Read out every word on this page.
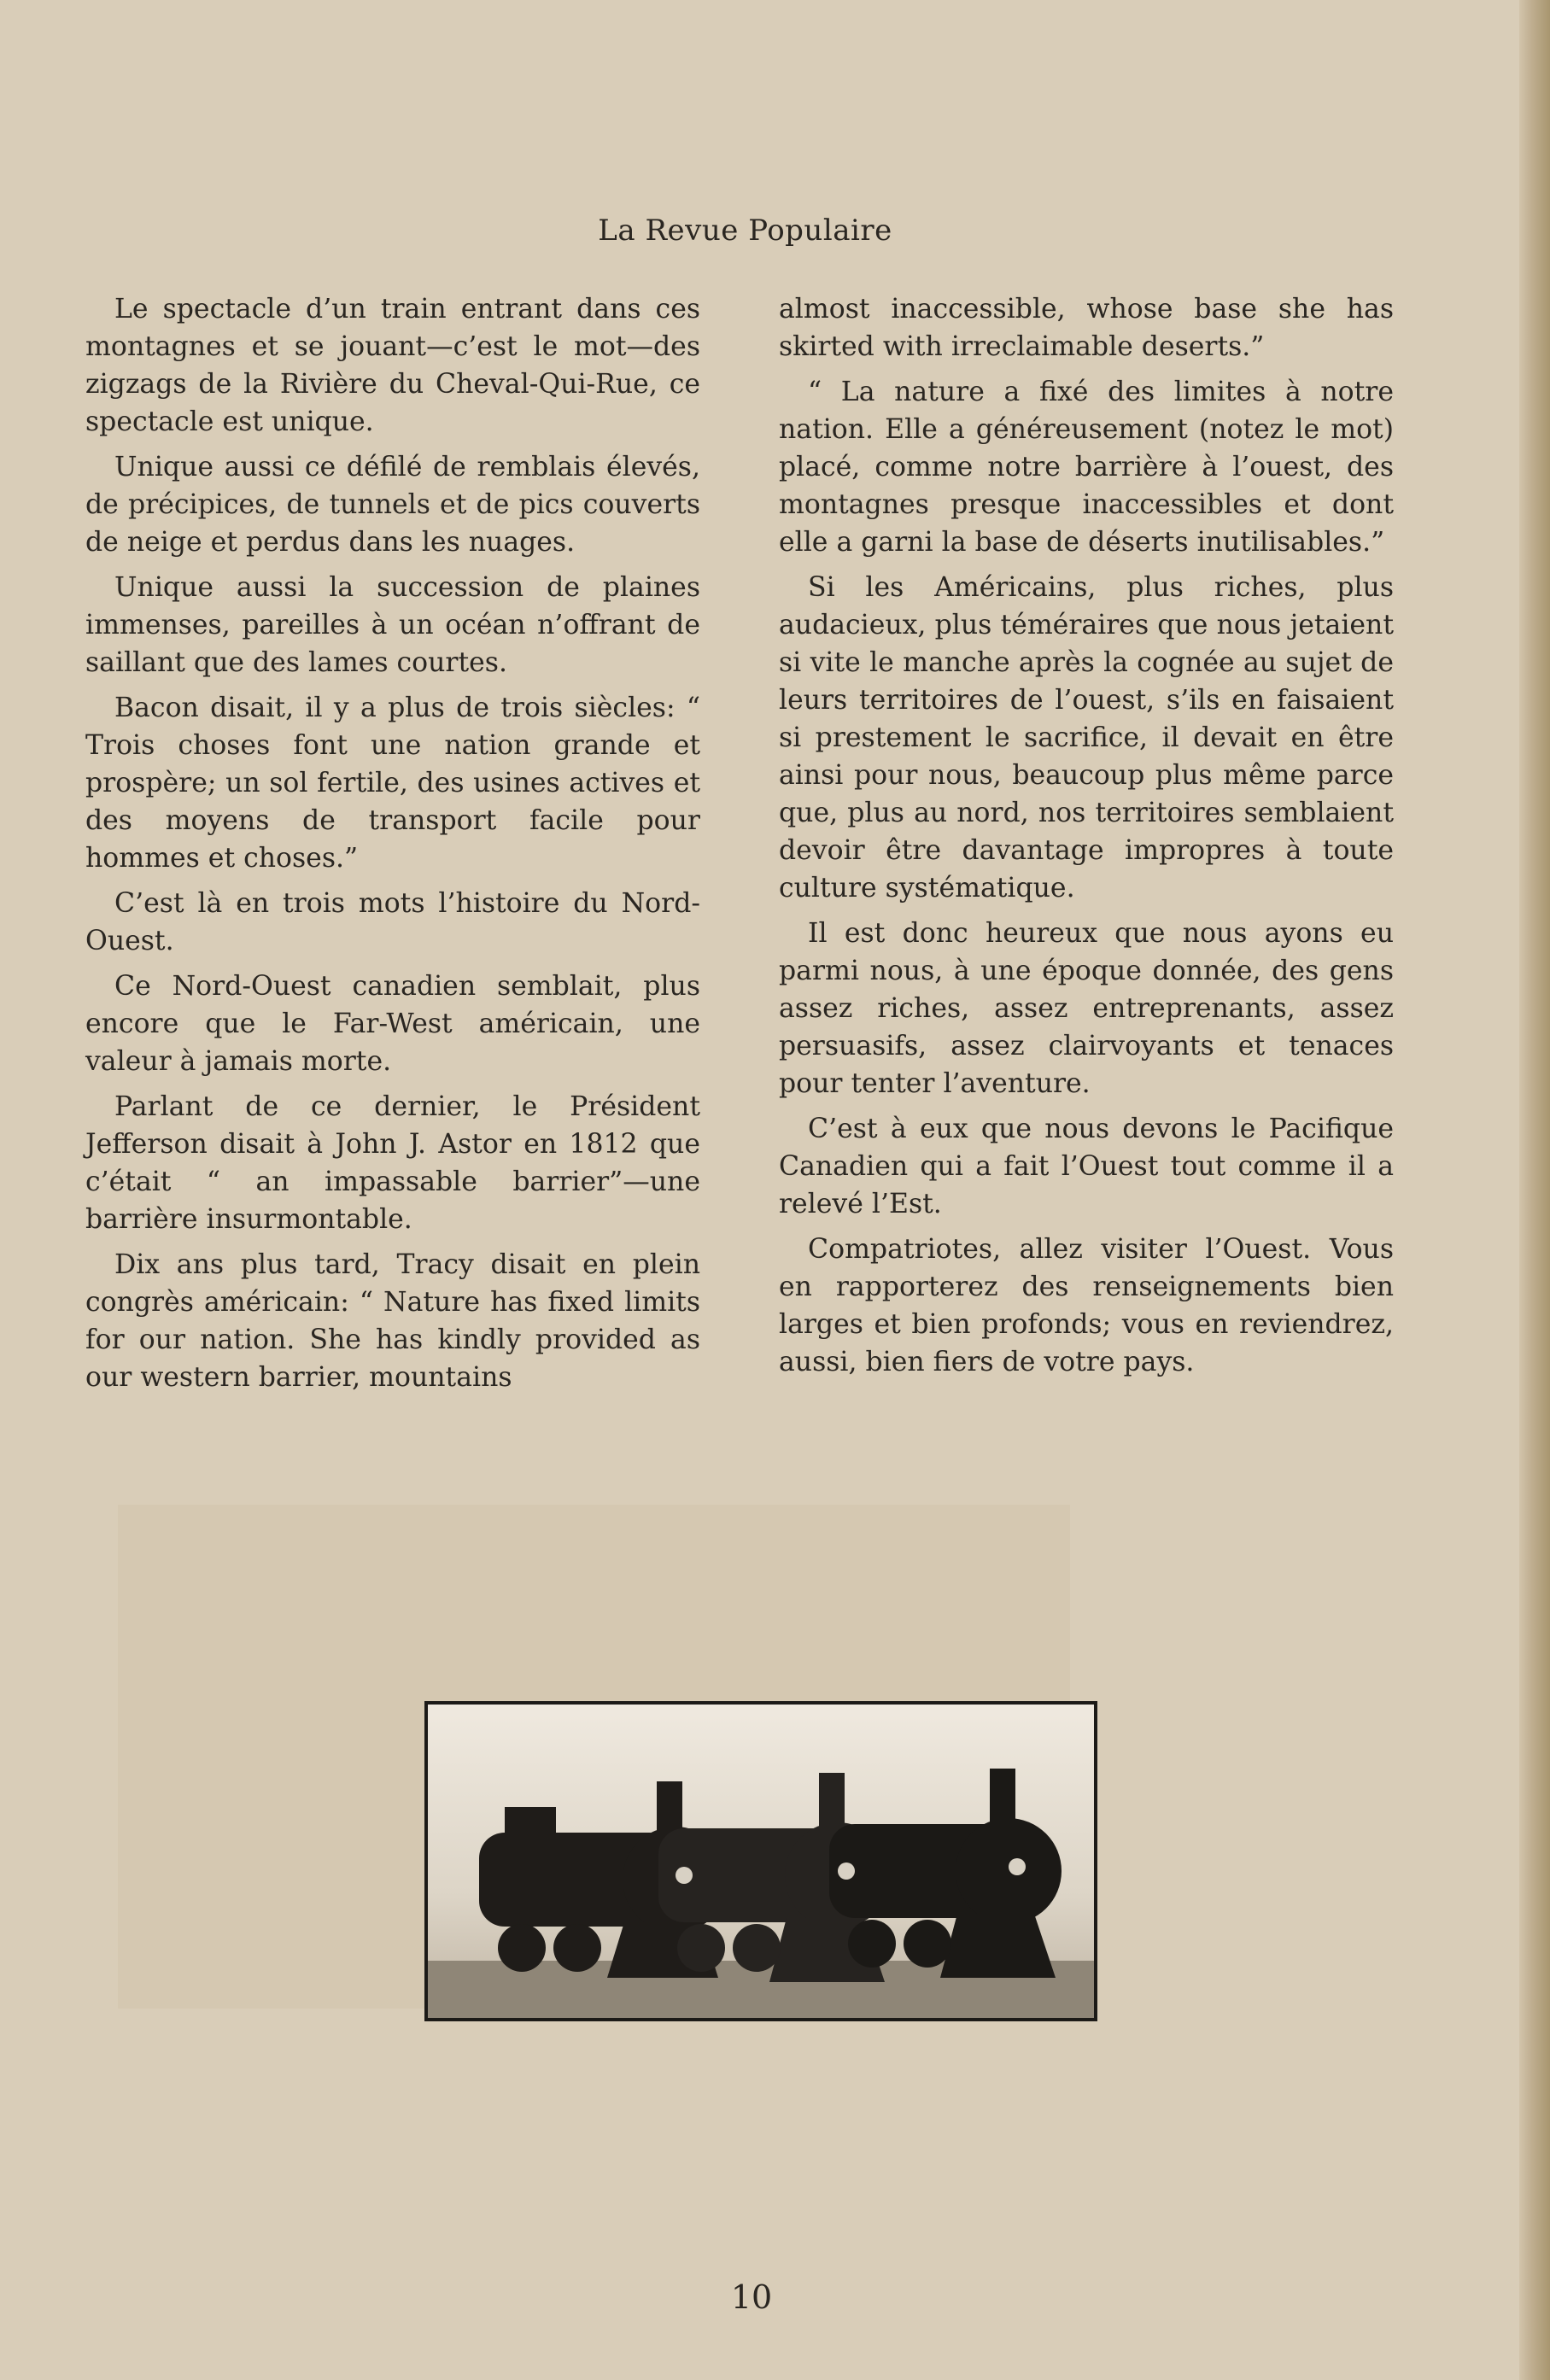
La Revue Populaire

Le spectacle d’un train entrant dans ces montagnes et se jouant—c’est le mot—des zigzags de la Rivière du Cheval-Qui-Rue, ce spectacle est unique.

Unique aussi ce défilé de remblais élevés, de précipices, de tunnels et de pics couverts de neige et perdus dans les nuages.

Unique aussi la succession de plaines immenses, pareilles à un océan n’offrant de saillant que des lames courtes.

Bacon disait, il y a plus de trois siècles: “ Trois choses font une nation grande et prospère; un sol fertile, des usines actives et des moyens de transport facile pour hommes et choses.”

C’est là en trois mots l’histoire du Nord-Ouest.

Ce Nord-Ouest canadien semblait, plus encore que le Far-West américain, une valeur à jamais morte.

Parlant de ce dernier, le Président Jefferson disait à John J. Astor en 1812 que c’était “ an impassable barrier”—une barrière insurmontable.

Dix ans plus tard, Tracy disait en plein congrès américain: “ Nature has fixed limits for our nation. She has kindly provided as our western barrier, mountains

almost inaccessible, whose base she has skirted with irreclaimable deserts.”

“ La nature a fixé des limites à notre nation. Elle a généreusement (notez le mot) placé, comme notre barrière à l’ouest, des montagnes presque inaccessibles et dont elle a garni la base de déserts inutilisables.”

Si les Américains, plus riches, plus audacieux, plus téméraires que nous jetaient si vite le manche après la cognée au sujet de leurs territoires de l’ouest, s’ils en faisaient si prestement le sacrifice, il devait en être ainsi pour nous, beaucoup plus même parce que, plus au nord, nos territoires semblaient devoir être davantage impropres à toute culture systématique.

Il est donc heureux que nous ayons eu parmi nous, à une époque donnée, des gens assez riches, assez entreprenants, assez persuasifs, assez clairvoyants et tenaces pour tenter l’aventure.

C’est à eux que nous devons le Pacifique Canadien qui a fait l’Ouest tout comme il a relevé l’Est.

Compatriotes, allez visiter l’Ouest. Vous en rapporterez des renseignements bien larges et bien profonds; vous en reviendrez, aussi, bien fiers de votre pays.

10
